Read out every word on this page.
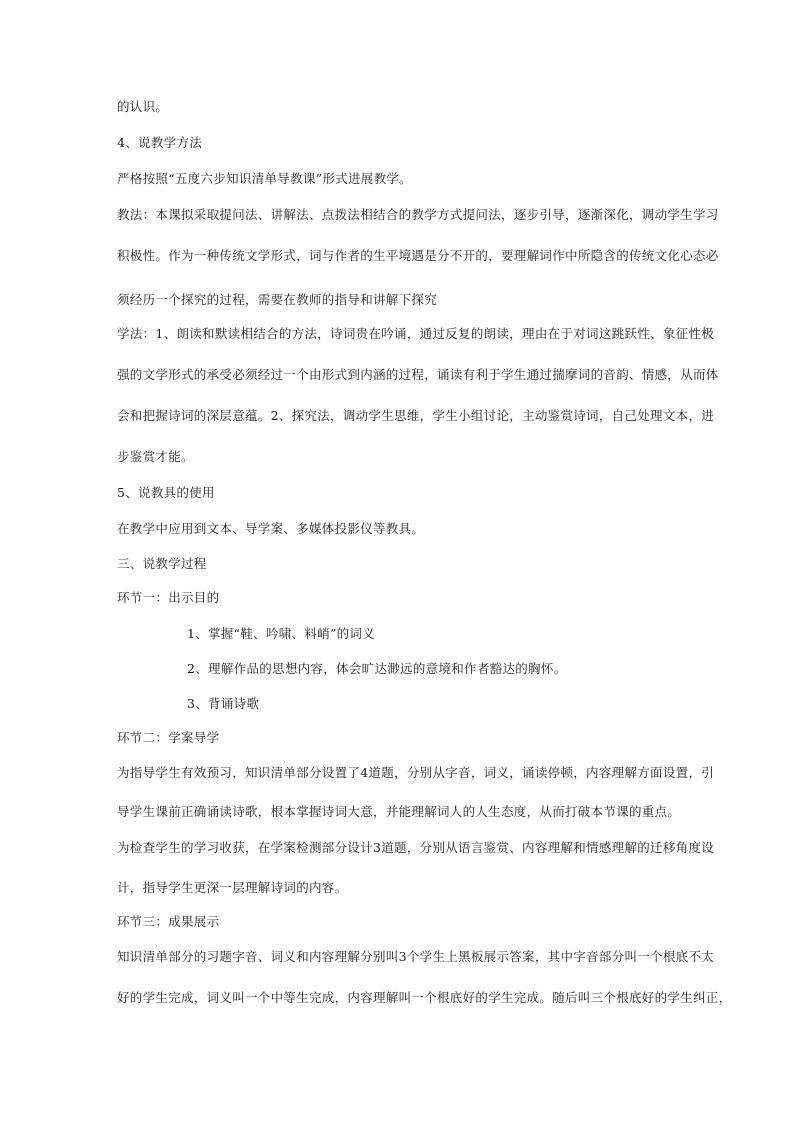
的认识。
4、说教学方法
严格按照“五度六步知识清单导教课”形式进展教学。
教法：本课拟采取提问法、讲解法、点拨法相结合的教学方式提问法，逐步引导，逐渐深化，调动学生学习
积极性。作为一种传统文学形式，词与作者的生平境遇是分不开的，要理解词作中所隐含的传统文化心态必
须经历一个探究的过程，需要在教师的指导和讲解下探究
学法：1、朗读和默读相结合的方法，诗词贵在吟诵，通过反复的朗读，理由在于对词这跳跃性、象征性极
强的文学形式的承受必须经过一个由形式到内涵的过程，诵读有利于学生通过揣摩词的音韵、情感，从而体
会和把握诗词的深层意蕴。2、探究法，调动学生思维，学生小组讨论，主动鉴赏诗词，自己处理文本，进
步鉴赏才能。
5、说教具的使用
在教学中应用到文本、导学案、多媒体投影仪等教具。
三、说教学过程
环节一：出示目的
1、掌握“鞋、吟啸、料峭”的词义
2、理解作品的思想内容，体会旷达渺远的意境和作者豁达的胸怀。
3、背诵诗歌
环节二：学案导学
为指导学生有效预习，知识清单部分设置了4道题，分别从字音，词义，诵读停顿，内容理解方面设置，引
导学生课前正确诵读诗歌，根本掌握诗词大意，并能理解词人的人生态度，从而打破本节课的重点。
为检查学生的学习收获，在学案检测部分设计3道题，分别从语言鉴赏、内容理解和情感理解的迁移角度设
计，指导学生更深一层理解诗词的内容。
环节三：成果展示
知识清单部分的习题字音、词义和内容理解分别叫3个学生上黑板展示答案，其中字音部分叫一个根底不太
好的学生完成，词义叫一个中等生完成，内容理解叫一个根底好的学生完成。随后叫三个根底好的学生纠正，
